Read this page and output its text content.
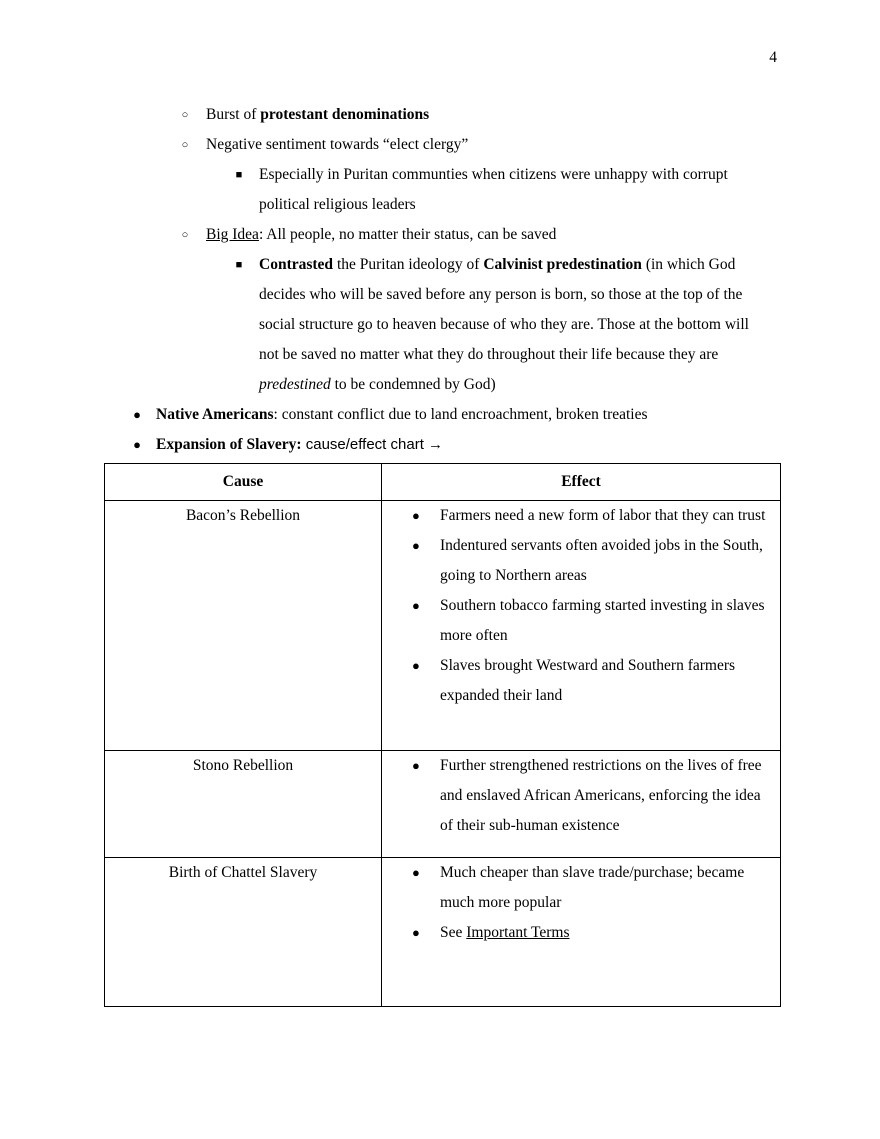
4
○ Burst of protestant denominations
○ Negative sentiment towards “elect clergy”
■ Especially in Puritan communties when citizens were unhappy with corrupt political religious leaders
○ Big Idea: All people, no matter their status, can be saved
■ Contrasted the Puritan ideology of Calvinist predestination (in which God decides who will be saved before any person is born, so those at the top of the social structure go to heaven because of who they are. Those at the bottom will not be saved no matter what they do throughout their life because they are predestined to be condemned by God)
● Native Americans: constant conflict due to land encroachment, broken treaties
● Expansion of Slavery: cause/effect chart →
Cause	Effect
Bacon’s Rebellion	● Farmers need a new form of labor that they can trust
● Indentured servants often avoided jobs in the South, going to Northern areas
● Southern tobacco farming started investing in slaves more often
● Slaves brought Westward and Southern farmers expanded their land

Stono Rebellion	● Further strengthened restrictions on the lives of free and enslaved African Americans, enforcing the idea of their sub-human existence

Birth of Chattel Slavery	● Much cheaper than slave trade/purchase; became much more popular
● See Important Terms
